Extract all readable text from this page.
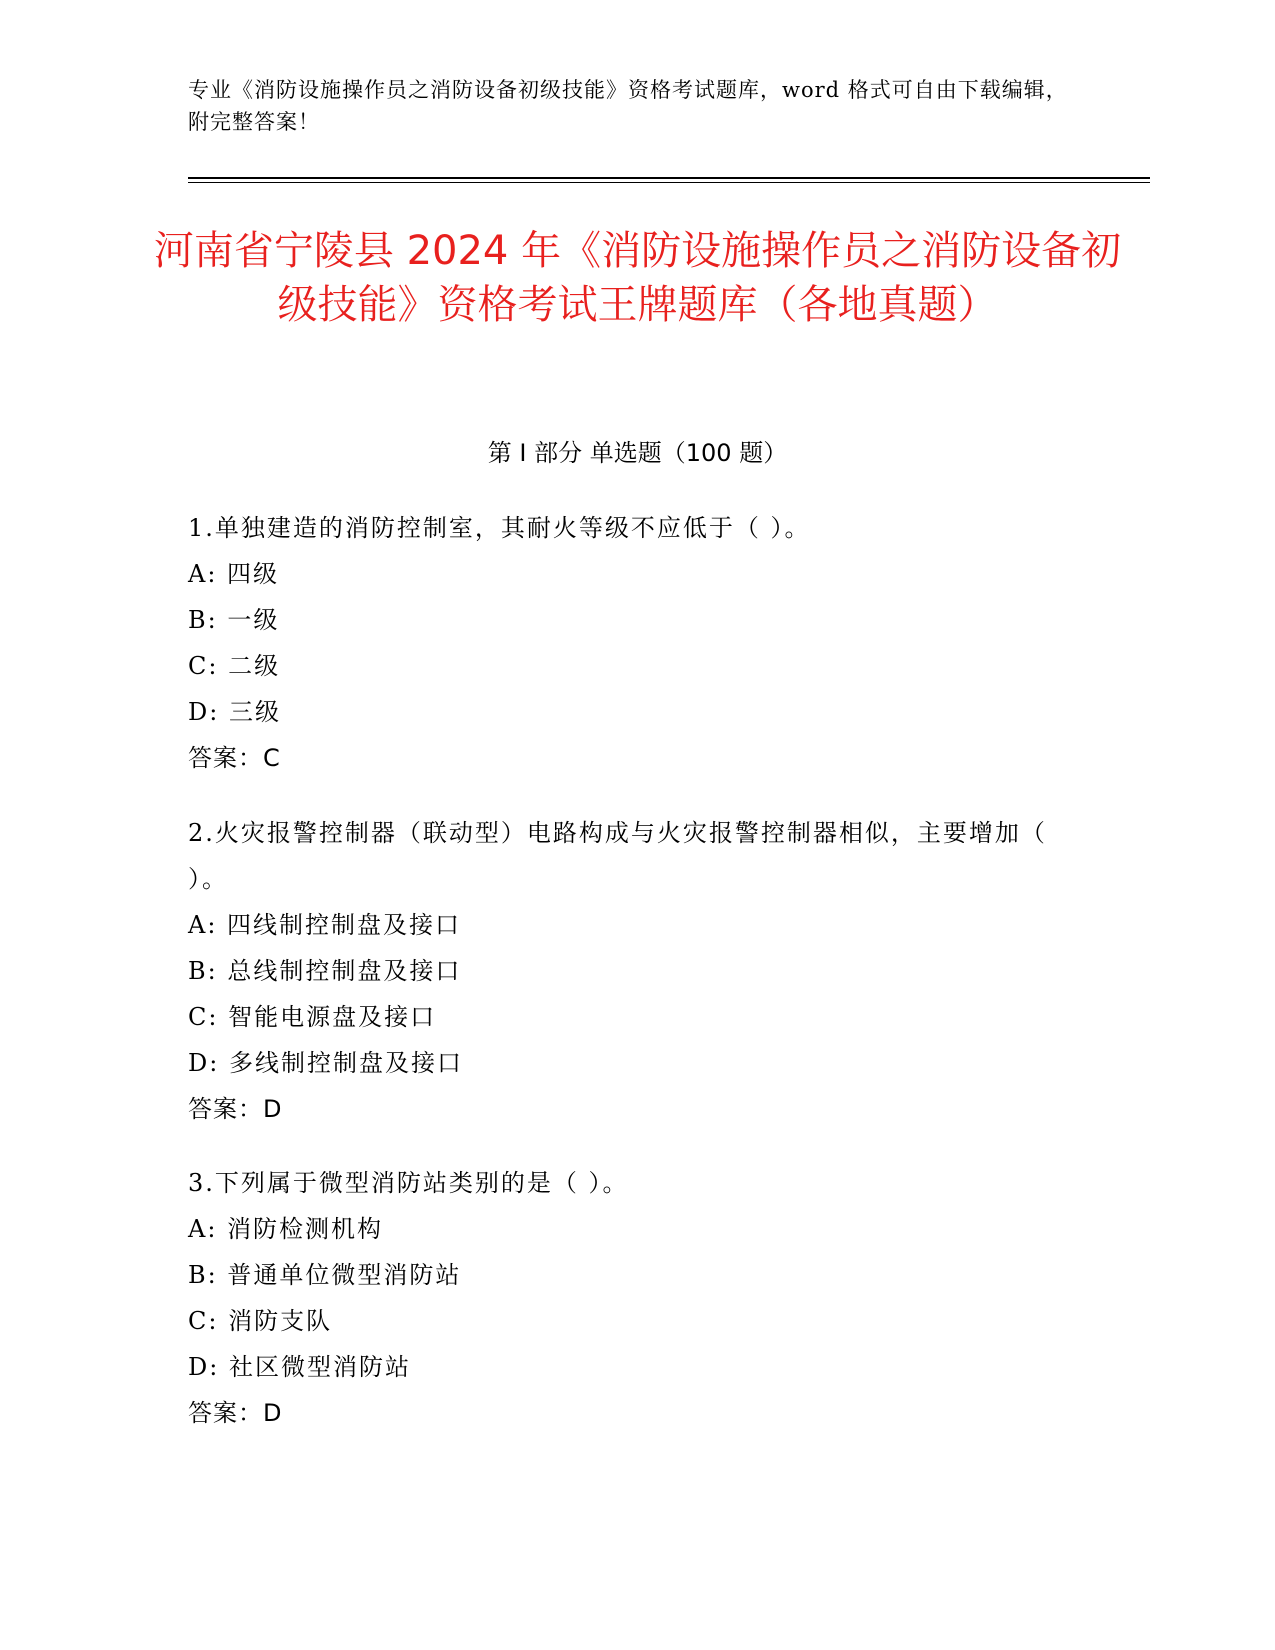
专业《消防设施操作员之消防设备初级技能》资格考试题库，word 格式可自由下载编辑，附完整答案！
河南省宁陵县 2024 年《消防设施操作员之消防设备初级技能》资格考试王牌题库（各地真题）
第 I 部分 单选题（100 题）
1.单独建造的消防控制室，其耐火等级不应低于（ ）。
A: 四级
B: 一级
C: 二级
D: 三级
答案：C
2.火灾报警控制器（联动型）电路构成与火灾报警控制器相似，主要增加（ ）。
A: 四线制控制盘及接口
B: 总线制控制盘及接口
C: 智能电源盘及接口
D: 多线制控制盘及接口
答案：D
3.下列属于微型消防站类别的是（ ）。
A: 消防检测机构
B: 普通单位微型消防站
C: 消防支队
D: 社区微型消防站
答案：D
